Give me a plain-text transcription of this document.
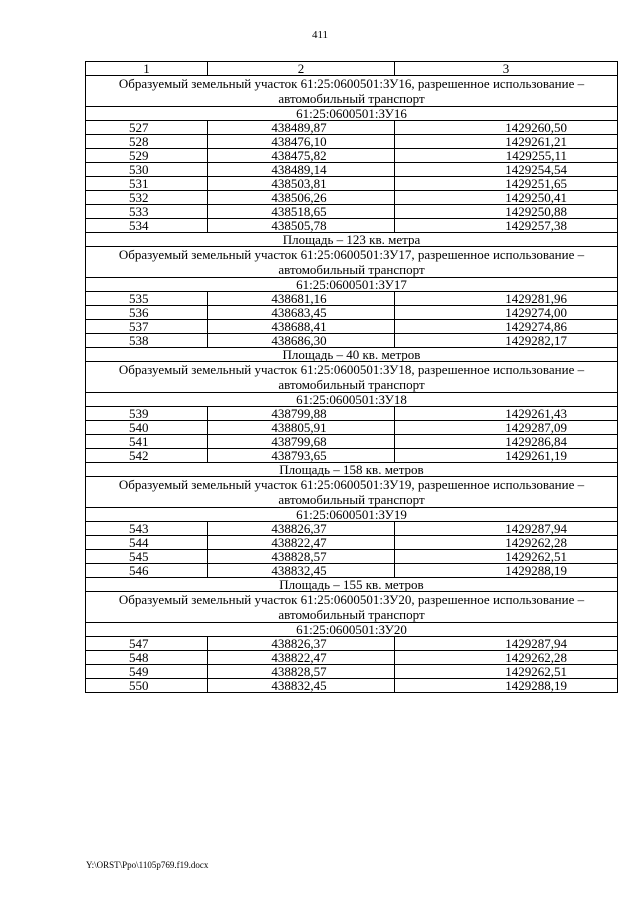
411
1	2	3
Образуемый земельный участок 61:25:0600501:ЗУ16, разрешенное использование – автомобильный транспорт		
61:25:0600501:ЗУ16		
527	438489,87	1429260,50
528	438476,10	1429261,21
529	438475,82	1429255,11
530	438489,14	1429254,54
531	438503,81	1429251,65
532	438506,26	1429250,41
533	438518,65	1429250,88
534	438505,78	1429257,38
Площадь – 123 кв. метра		
Образуемый земельный участок 61:25:0600501:ЗУ17, разрешенное использование – автомобильный транспорт		
61:25:0600501:ЗУ17		
535	438681,16	1429281,96
536	438683,45	1429274,00
537	438688,41	1429274,86
538	438686,30	1429282,17
Площадь – 40 кв. метров		
Образуемый земельный участок 61:25:0600501:ЗУ18, разрешенное использование – автомобильный транспорт		
61:25:0600501:ЗУ18		
539	438799,88	1429261,43
540	438805,91	1429287,09
541	438799,68	1429286,84
542	438793,65	1429261,19
Площадь – 158 кв. метров		
Образуемый земельный участок 61:25:0600501:ЗУ19, разрешенное использование – автомобильный транспорт		
61:25:0600501:ЗУ19		
543	438826,37	1429287,94
544	438822,47	1429262,28
545	438828,57	1429262,51
546	438832,45	1429288,19
Площадь – 155 кв. метров		
Образуемый земельный участок 61:25:0600501:ЗУ20, разрешенное использование – автомобильный транспорт		
61:25:0600501:ЗУ20		
547	438826,37	1429287,94
548	438822,47	1429262,28
549	438828,57	1429262,51
550	438832,45	1429288,19
Y:\ORST\Ppo\1105p769.f19.docx
